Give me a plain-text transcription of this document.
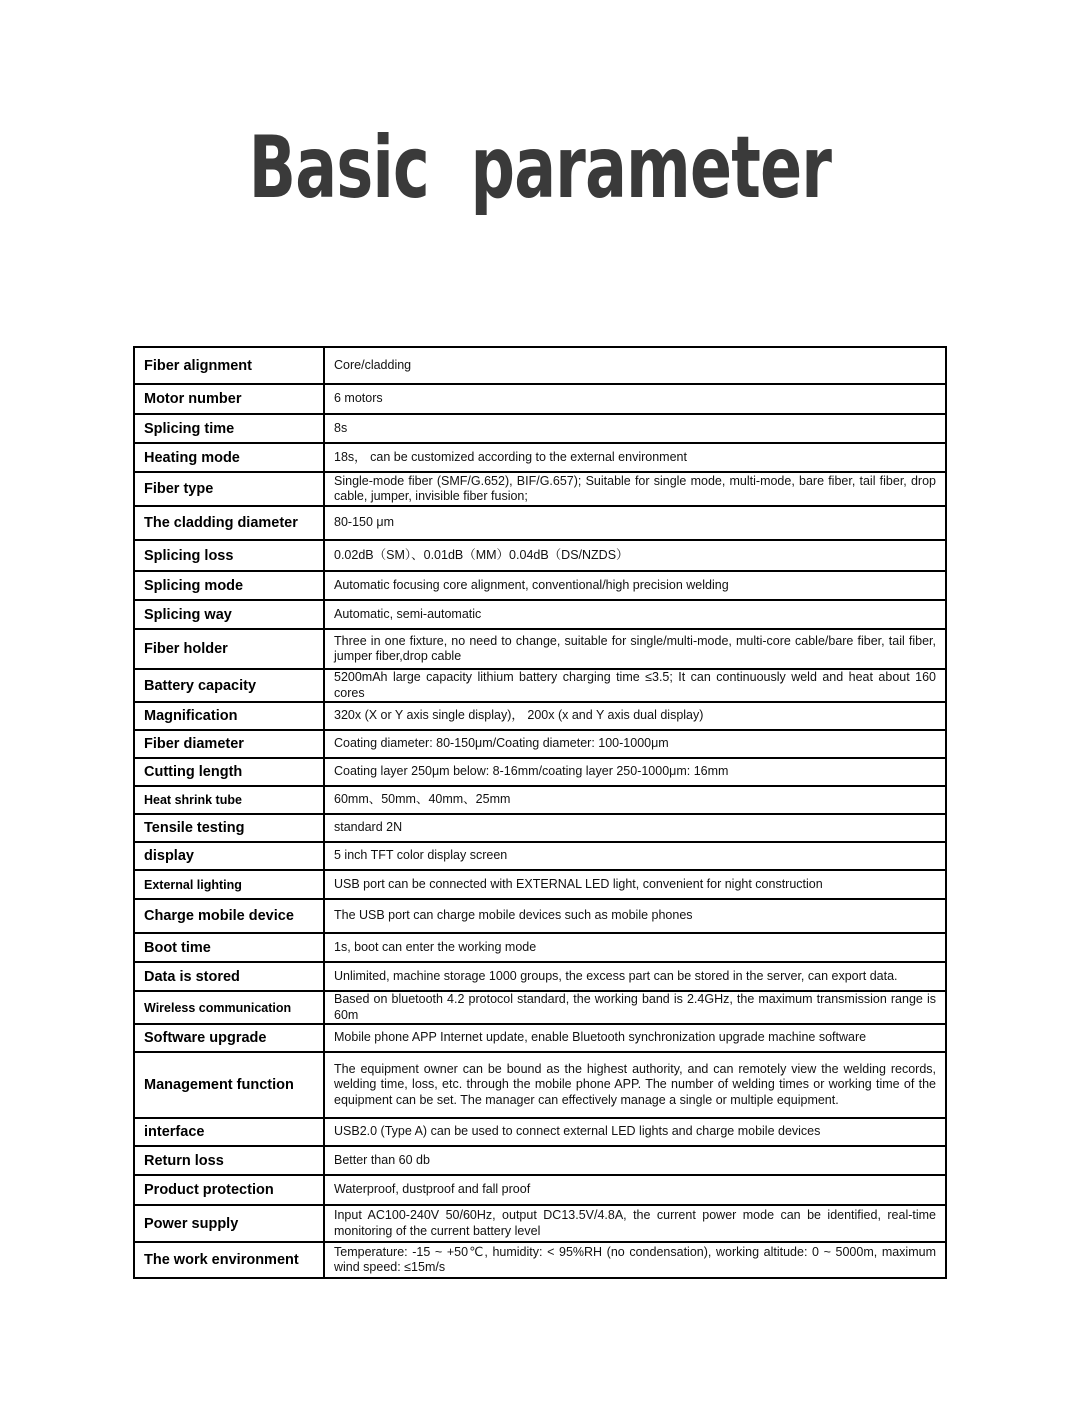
Basic  parameter
Fiber alignment	Core/cladding
Motor number	6 motors
Splicing time	8s
Heating mode	18s， can be customized according to the external environment
Fiber type	Single-mode fiber (SMF/G.652), BIF/G.657); Suitable for single mode, multi-mode, bare fiber, tail fiber, drop cable, jumper, invisible fiber fusion;
The cladding diameter	80-150 μm
Splicing loss	0.02dB（SM）、0.01dB（MM）0.04dB（DS/NZDS）
Splicing mode	Automatic focusing core alignment, conventional/high precision welding
Splicing way	Automatic, semi-automatic
Fiber holder	Three in one fixture, no need to change, suitable for single/multi-mode, multi-core cable/bare fiber, tail fiber, jumper fiber,drop cable
Battery capacity	5200mAh large capacity lithium battery charging time ≤3.5; It can continuously weld and heat about 160 cores
Magnification	320x (X or Y axis single display)， 200x (x and Y axis dual display)
Fiber diameter	Coating diameter: 80-150μm/Coating diameter: 100-1000μm
Cutting length	Coating layer 250μm below: 8-16mm/coating layer 250-1000μm: 16mm
Heat shrink tube	60mm、50mm、40mm、25mm
Tensile testing	standard 2N
display	5 inch TFT color display screen
External lighting	USB port can be connected with EXTERNAL LED light, convenient for night construction
Charge mobile device	The USB port can charge mobile devices such as mobile phones
Boot time	1s, boot can enter the working mode
Data is stored	Unlimited, machine storage 1000 groups, the excess part can be stored in the server, can export data.
Wireless communication	Based on bluetooth 4.2 protocol standard, the working band is 2.4GHz, the maximum transmission range is 60m
Software upgrade	Mobile phone APP Internet update, enable Bluetooth synchronization upgrade machine software
Management function	The equipment owner can be bound as the highest authority, and can remotely view the welding records, welding time, loss, etc. through the mobile phone APP. The number of welding times or working time of the equipment can be set. The manager can effectively manage a single or multiple equipment.
interface	USB2.0 (Type A) can be used to connect external LED lights and charge mobile devices
Return loss	Better than 60 db
Product protection	Waterproof, dustproof and fall proof
Power supply	Input AC100-240V 50/60Hz, output DC13.5V/4.8A, the current power mode can be identified, real-time monitoring of the current battery level
The work environment	Temperature: -15 ~ +50℃, humidity: < 95%RH (no condensation), working altitude: 0 ~ 5000m, maximum wind speed: ≤15m/s
